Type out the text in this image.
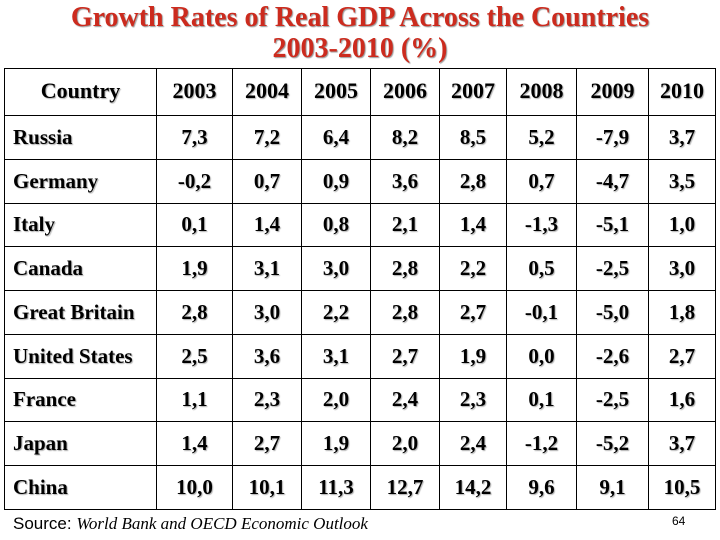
Growth Rates of Real GDP Across the Countries
2003-2010 (%)
Country	2003	2004	2005	2006	2007	2008	2009	2010
Russia	7,3	7,2	6,4	8,2	8,5	5,2	-7,9	3,7
Germany	-0,2	0,7	0,9	3,6	2,8	0,7	-4,7	3,5
Italy	0,1	1,4	0,8	2,1	1,4	-1,3	-5,1	1,0
Canada	1,9	3,1	3,0	2,8	2,2	0,5	-2,5	3,0
Great Britain	2,8	3,0	2,2	2,8	2,7	-0,1	-5,0	1,8
United States	2,5	3,6	3,1	2,7	1,9	0,0	-2,6	2,7
France	1,1	2,3	2,0	2,4	2,3	0,1	-2,5	1,6
Japan	1,4	2,7	1,9	2,0	2,4	-1,2	-5,2	3,7
China	10,0	10,1	11,3	12,7	14,2	9,6	9,1	10,5
Source: World Bank and OECD Economic Outlook	64
